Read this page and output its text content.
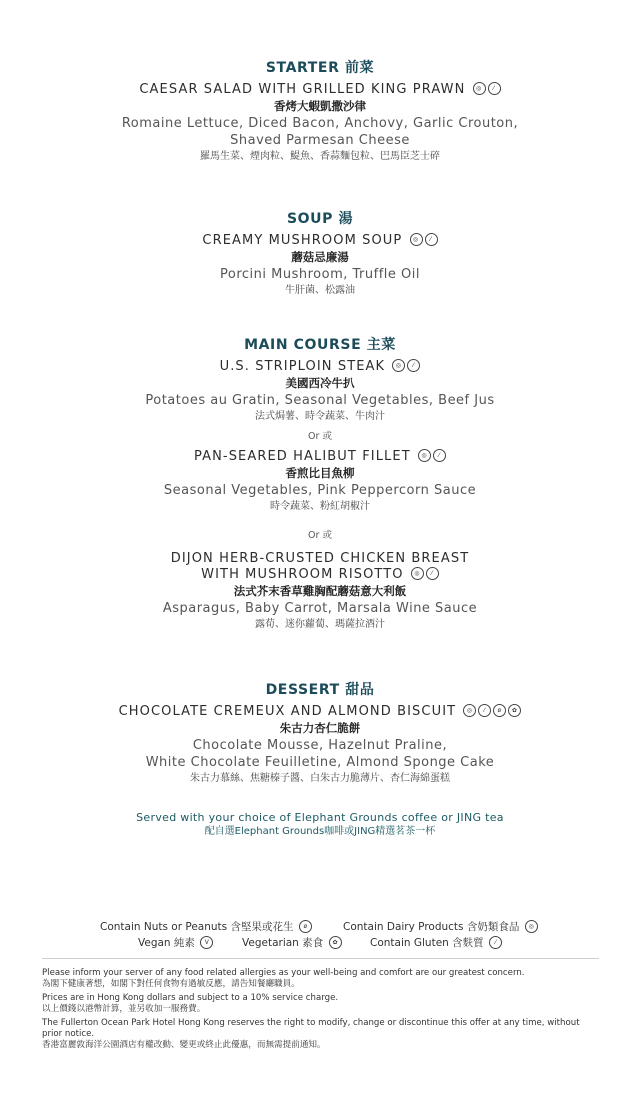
STARTER 前菜
CAESAR SALAD WITH GRILLED KING PRAWN ◎ ⁄
香烤大蝦凱撒沙律
Romaine Lettuce, Diced Bacon, Anchovy, Garlic Crouton,
Shaved Parmesan Cheese
羅馬生菜、煙肉粒、鯷魚、香蒜麵包粒、巴馬臣芝士碎
SOUP 湯
CREAMY MUSHROOM SOUP ◎ ⁄
蘑菇忌廉湯
Porcini Mushroom, Truffle Oil
牛肝菌、松露油
MAIN COURSE 主菜
U.S. STRIPLOIN STEAK ◎ ⁄
美國西冷牛扒
Potatoes au Gratin, Seasonal Vegetables, Beef Jus
法式焗薯、時令蔬菜、牛肉汁
Or 或
PAN-SEARED HALIBUT FILLET ◎ ⁄
香煎比目魚柳
Seasonal Vegetables, Pink Peppercorn Sauce
時令蔬菜、粉紅胡椒汁
Or 或
DIJON HERB-CRUSTED CHICKEN BREAST
WITH MUSHROOM RISOTTO ◎ ⁄
法式芥末香草雞胸配蘑菇意大利飯
Asparagus, Baby Carrot, Marsala Wine Sauce
露荀、迷你蘿蔔、瑪薩拉酒汁
DESSERT 甜品
CHOCOLATE CREMEUX AND ALMOND BISCUIT ◎ ⁄ ø ✿
朱古力杏仁脆餅
Chocolate Mousse, Hazelnut Praline,
White Chocolate Feuilletine, Almond Sponge Cake
朱古力慕絲、焦糖榛子醬、白朱古力脆薄片、杏仁海綿蛋糕
Served with your choice of Elephant Grounds coffee or JING tea
配自選Elephant Grounds咖啡或JING精選茗茶一杯
Contain Nuts or Peanuts 含堅果或花生 ø	Contain Dairy Products 含奶類食品 ◎
Vegan 純素 V	Vegetarian 素食 ✿	Contain Gluten 含麩質 ⁄
Please inform your server of any food related allergies as your well-being and comfort are our greatest concern.
為閣下健康著想，如閣下對任何食物有過敏反應，請告知餐廳職員。
Prices are in Hong Kong dollars and subject to a 10% service charge.
以上價錢以港幣計算，並另收加一服務費。
The Fullerton Ocean Park Hotel Hong Kong reserves the right to modify, change or discontinue this offer at any time, without prior notice.
香港富麗敦海洋公園酒店有權改動、變更或終止此優惠，而無需提前通知。
